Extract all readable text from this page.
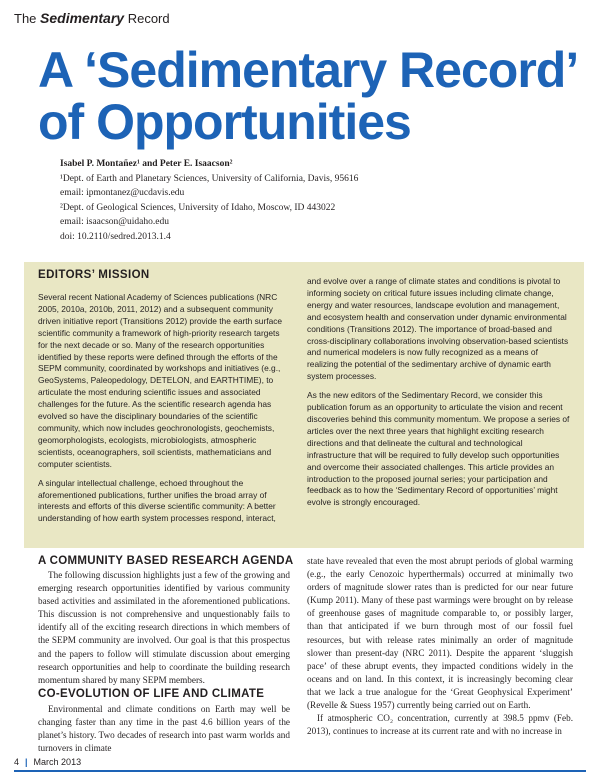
The Sedimentary Record
A ‘Sedimentary Record’
of Opportunities
Isabel P. Montañez¹ and Peter E. Isaacson²
¹Dept. of Earth and Planetary Sciences, University of California, Davis, 95616
email: ipmontanez@ucdavis.edu
²Dept. of Geological Sciences, University of Idaho, Moscow, ID 443022
email: isaacson@uidaho.edu
doi: 10.2110/sedred.2013.1.4
EDITORS’ MISSION

Several recent National Academy of Sciences publications (NRC 2005, 2010a, 2010b, 2011, 2012) and a subsequent community driven initiative report (Transitions 2012) provide the earth surface scientific community a framework of high-priority research targets for the next decade or so. Many of the research opportunities identified by these reports were defined through the efforts of the SEPM community, coordinated by workshops and initiatives (e.g., GeoSystems, Paleopedology, DETELON, and EARTHTIME), to articulate the most enduring scientific issues and associated challenges for the future. As the scientific research agenda has evolved so have the disciplinary boundaries of the scientific community, which now includes geochronologists, geochemists, geomorphologists, ecologists, microbiologists, atmospheric scientists, oceanographers, soil scientists, mathematicians and computer scientists.

A singular intellectual challenge, echoed throughout the aforementioned publications, further unifies the broad array of interests and efforts of this diverse scientific community: A better understanding of how earth system processes respond, interact,

and evolve over a range of climate states and conditions is pivotal to informing society on critical future issues including climate change, energy and water resources, landscape evolution and management, and ecosystem health and conservation under dynamic environmental conditions (Transitions 2012). The importance of broad-based and cross-disciplinary collaborations involving observation-based scientists and numerical modelers is now fully recognized as a means of realizing the potential of the sedimentary archive of dynamic earth system processes.

As the new editors of the Sedimentary Record, we consider this publication forum as an opportunity to articulate the vision and recent discoveries behind this community momentum. We propose a series of articles over the next three years that highlight exciting research directions and that delineate the cultural and technological infrastructure that will be required to fully develop such opportunities and overcome their associated challenges. This article provides an introduction to the proposed journal series; your participation and feedback as to how the ‘Sedimentary Record of opportunities’ might evolve is strongly encouraged.

A COMMUNITY BASED RESEARCH AGENDA

The following discussion highlights just a few of the growing and emerging research opportunities identified by various community based activities and assimilated in the aforementioned publications. This discussion is not comprehensive and unquestionably fails to identify all of the exciting research directions in which members of the SEPM community are involved. Our goal is that this prospectus and the papers to follow will stimulate discussion about emerging research opportunities and help to coordinate the building research momentum shared by many SEPM members.

CO-EVOLUTION OF LIFE AND CLIMATE

Environmental and climate conditions on Earth may well be changing faster than any time in the past 4.6 billion years of the planet’s history. Two decades of research into past warm worlds and turnovers in climate

state have revealed that even the most abrupt periods of global warming (e.g., the early Cenozoic hyperthermals) occurred at minimally two orders of magnitude slower rates than is predicted for our near future (Kump 2011). Many of these past warmings were brought on by release of greenhouse gases of magnitude comparable to, or possibly larger, than that anticipated if we burn through most of our fossil fuel resources, but with release rates minimally an order of magnitude slower than present-day (NRC 2011). Despite the apparent ‘sluggish pace’ of these abrupt events, they impacted conditions widely in the oceans and on land. In this context, it is increasingly becoming clear that we lack a true analogue for the ‘Great Geophysical Experiment’ (Revelle & Suess 1957) currently being carried out on Earth.

If atmospheric CO₂ concentration, currently at 398.5 ppmv (Feb. 2013), continues to increase at its current rate and with no increase in

4 | March 2013
